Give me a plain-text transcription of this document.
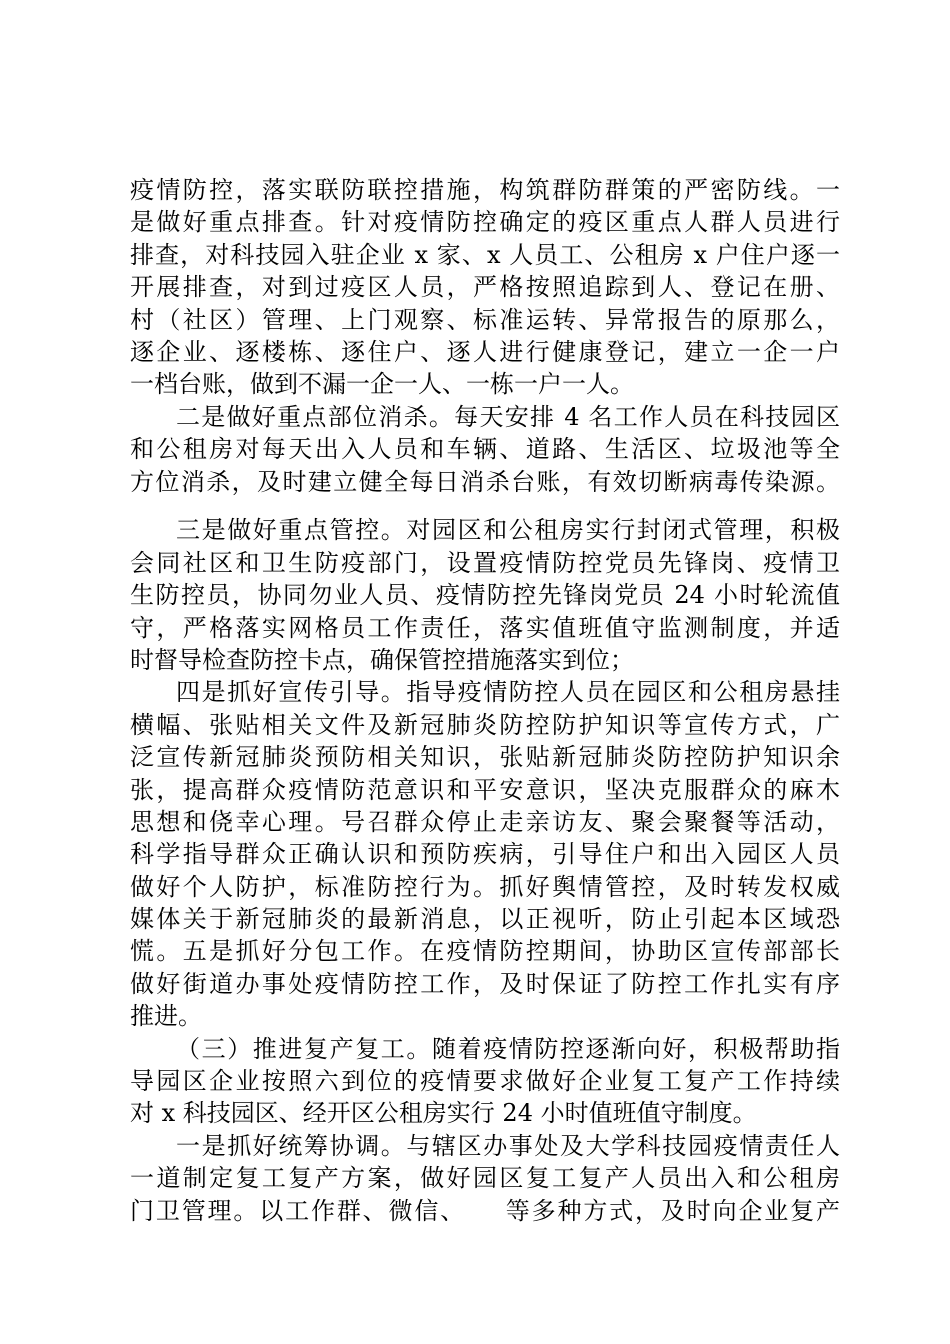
疫情防控，落实联防联控措施，构筑群防群策的严密防线。一
是做好重点排查。针对疫情防控确定的疫区重点人群人员进行
排查，对科技园入驻企业 x 家、x 人员工、公租房 x 户住户逐一
开展排查，对到过疫区人员，严格按照追踪到人、登记在册、
村（社区）管理、上门观察、标准运转、异常报告的原那么，
逐企业、逐楼栋、逐住户、逐人进行健康登记，建立一企一户
一档台账，做到不漏一企一人、一栋一户一人。
二是做好重点部位消杀。每天安排 4 名工作人员在科技园区
和公租房对每天出入人员和车辆、道路、生活区、垃圾池等全
方位消杀，及时建立健全每日消杀台账，有效切断病毒传染源。
三是做好重点管控。对园区和公租房实行封闭式管理，积极
会同社区和卫生防疫部门，设置疫情防控党员先锋岗、疫情卫
生防控员，协同勿业人员、疫情防控先锋岗党员 24 小时轮流值
守，严格落实网格员工作责任，落实值班值守监测制度，并适
时督导检查防控卡点，确保管控措施落实到位；
四是抓好宣传引导。指导疫情防控人员在园区和公租房悬挂
横幅、张贴相关文件及新冠肺炎防控防护知识等宣传方式，广
泛宣传新冠肺炎预防相关知识，张贴新冠肺炎防控防护知识余
张，提高群众疫情防范意识和平安意识，坚决克服群众的麻木
思想和侥幸心理。号召群众停止走亲访友、聚会聚餐等活动，
科学指导群众正确认识和预防疾病，引导住户和出入园区人员
做好个人防护，标准防控行为。抓好舆情管控，及时转发权威
媒体关于新冠肺炎的最新消息，以正视听，防止引起本区域恐
慌。五是抓好分包工作。在疫情防控期间，协助区宣传部部长
做好街道办事处疫情防控工作，及时保证了防控工作扎实有序
推进。
（三）推进复产复工。随着疫情防控逐渐向好，积极帮助指
导园区企业按照六到位的疫情要求做好企业复工复产工作持续
对 x 科技园区、经开区公租房实行 24 小时值班值守制度。
一是抓好统筹协调。与辖区办事处及大学科技园疫情责任人
一道制定复工复产方案，做好园区复工复产人员出入和公租房
门卫管理。以工作群、微信、　　等多种方式，及时向企业复产
